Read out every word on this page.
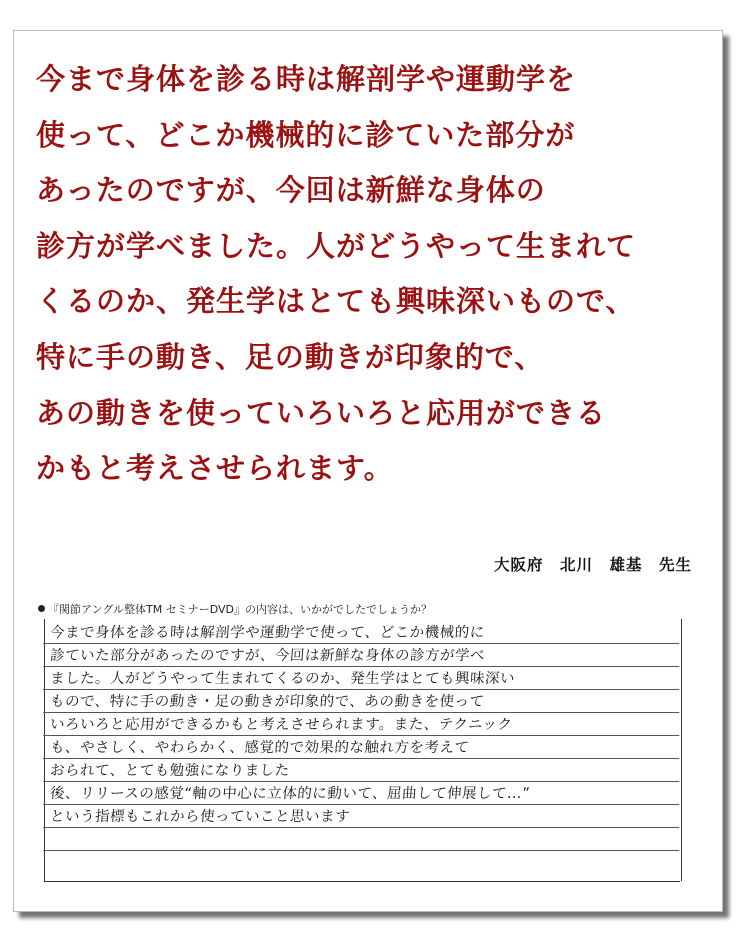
今まで身体を診る時は解剖学や運動学を
使って、どこか機械的に診ていた部分が
あったのですが、今回は新鮮な身体の
診方が学べました。人がどうやって生まれて
くるのか、発生学はとても興味深いもので、
特に手の動き、足の動きが印象的で、
あの動きを使っていろいろと応用ができる
かもと考えさせられます。
大阪府　北川　雄基　先生
『関節アングル整体TM セミナーDVD』の内容は、いかがでしたでしょうか？
今まで身体を診る時は解剖学や運動学で使って、どこか機械的に
診ていた部分があったのですが、今回は新鮮な身体の診方が学べ
ました。人がどうやって生まれてくるのか、発生学はとても興味深い
もので、特に手の動き・足の動きが印象的で、あの動きを使って
いろいろと応用ができるかもと考えさせられます。また、テクニック
も、やさしく、やわらかく、感覚的で効果的な触れ方を考えて
おられて、とても勉強になりました
後、リリースの感覚“軸の中心に立体的に動いて、屈曲して伸展して…”
という指標もこれから使っていこと思います
